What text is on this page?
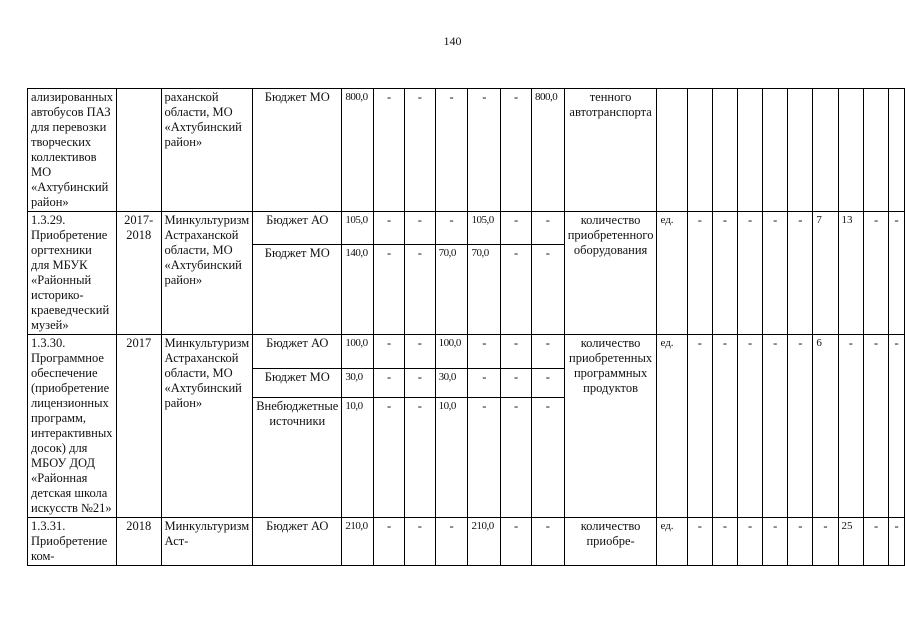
140
ализированных автобусов ПАЗ для перевозки творческих коллективов МО «Ахтубинский район»		раханской области, МО «Ахтубинский район»	Бюджет МО	800,0	-	-	-	-	-	800,0	тенного автотранспорта										
1.3.29. Приобретение оргтехники для МБУК «Районный историко-краеведческий музей»	2017-2018	Минкультуризм Астраханской области, МО «Ахтубинский район»	Бюджет АО	105,0	-	-	-	105,0	-	-	количество приобретенного оборудования	ед.	-	-	-	-	-	7	13	-	-
			Бюджет МО	140,0	-	-	70,0	70,0	-	-											
1.3.30. Программное обеспечение (приобретение лицензионных программ, интерактивных досок) для МБОУ ДОД «Районная детская школа искусств №21»	2017	Минкультуризм Астраханской области, МО «Ахтубинский район»	Бюджет АО	100,0	-	-	100,0	-	-	-	количество приобретенных программных продуктов	ед.	-	-	-	-	-	6	-	-	-
			Бюджет МО	30,0	-	-	30,0	-	-	-											
			Внебюджетные источники	10,0	-	-	10,0	-	-	-											
1.3.31. Приобретение ком-	2018	Минкультуризм Аст-	Бюджет АО	210,0	-	-	-	210,0	-	-	количество приобре-	ед.	-	-	-	-	-	-	25	-	-
